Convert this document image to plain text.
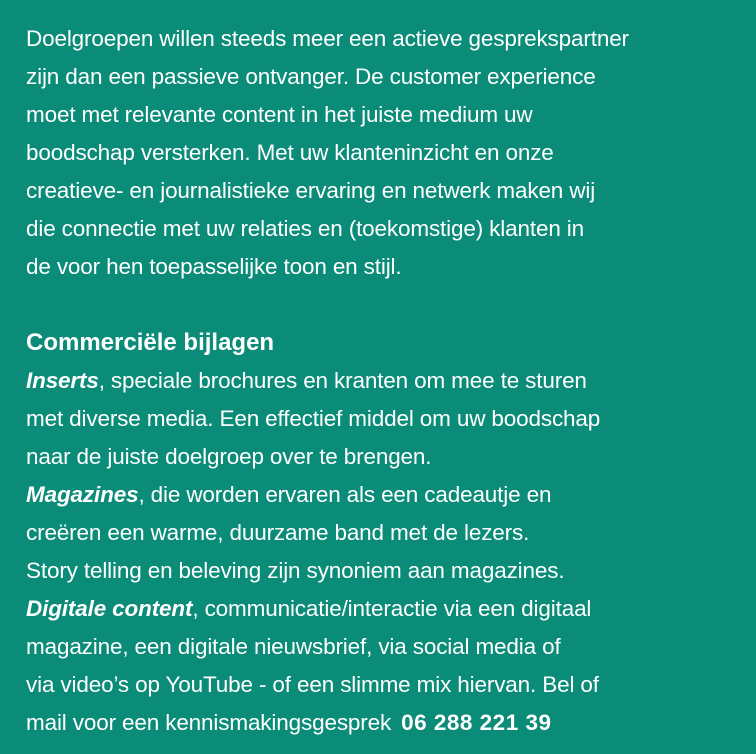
Doelgroepen willen steeds meer een actieve gesprekspartner
zijn dan een passieve ontvanger. De customer experience
moet met relevante content in het juiste medium uw
boodschap versterken. Met uw klanteninzicht en onze
creatieve- en journalistieke ervaring en netwerk maken wij
die connectie met uw relaties en (toekomstige) klanten in
de voor hen toepasselijke toon en stijl.
Commerciële bijlagen
Inserts, speciale brochures en kranten om mee te sturen
met diverse media. Een effectief middel om uw boodschap
naar de juiste doelgroep over te brengen.
Magazines, die worden ervaren als een cadeautje en
creëren een warme, duurzame band met de lezers.
Story telling en beleving zijn synoniem aan magazines.
Digitale content, communicatie/interactie via een digitaal
magazine, een digitale nieuwsbrief, via social media of
via video’s op YouTube - of een slimme mix hiervan. Bel of
mail voor een kennismakingsgesprek 06 288 221 39
